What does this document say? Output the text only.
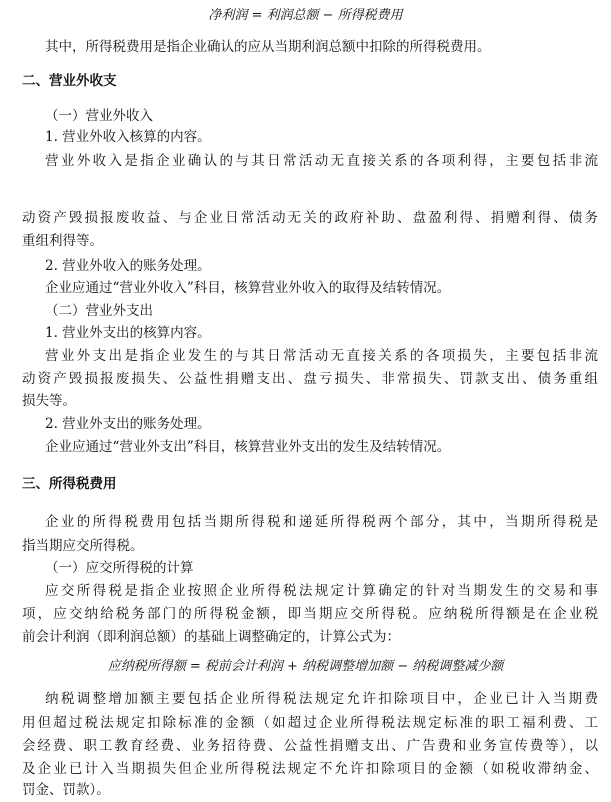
净利润 = 利润总额 − 所得税费用
其中，所得税费用是指企业确认的应从当期利润总额中扣除的所得税费用。
二、营业外收支
（一）营业外收入
1. 营业外收入核算的内容。
营业外收入是指企业确认的与其日常活动无直接关系的各项利得，主要包括非流
动资产毁损报废收益、与企业日常活动无关的政府补助、盘盈利得、捐赠利得、债务
重组利得等。
2. 营业外收入的账务处理。
企业应通过“营业外收入”科目，核算营业外收入的取得及结转情况。
（二）营业外支出
1. 营业外支出的核算内容。
营业外支出是指企业发生的与其日常活动无直接关系的各项损失，主要包括非流
动资产毁损报废损失、公益性捐赠支出、盘亏损失、非常损失、罚款支出、债务重组
损失等。
2. 营业外支出的账务处理。
企业应通过“营业外支出”科目，核算营业外支出的发生及结转情况。
三、所得税费用
企业的所得税费用包括当期所得税和递延所得税两个部分，其中，当期所得税是
指当期应交所得税。
（一）应交所得税的计算
应交所得税是指企业按照企业所得税法规定计算确定的针对当期发生的交易和事
项，应交纳给税务部门的所得税金额，即当期应交所得税。应纳税所得额是在企业税
前会计利润（即利润总额）的基础上调整确定的，计算公式为：
应纳税所得额 = 税前会计利润 + 纳税调整增加额 − 纳税调整减少额
纳税调整增加额主要包括企业所得税法规定允许扣除项目中，企业已计入当期费
用但超过税法规定扣除标准的金额（如超过企业所得税法规定标准的职工福利费、工
会经费、职工教育经费、业务招待费、公益性捐赠支出、广告费和业务宣传费等），以
及企业已计入当期损失但企业所得税法规定不允许扣除项目的金额（如税收滞纳金、
罚金、罚款）。
